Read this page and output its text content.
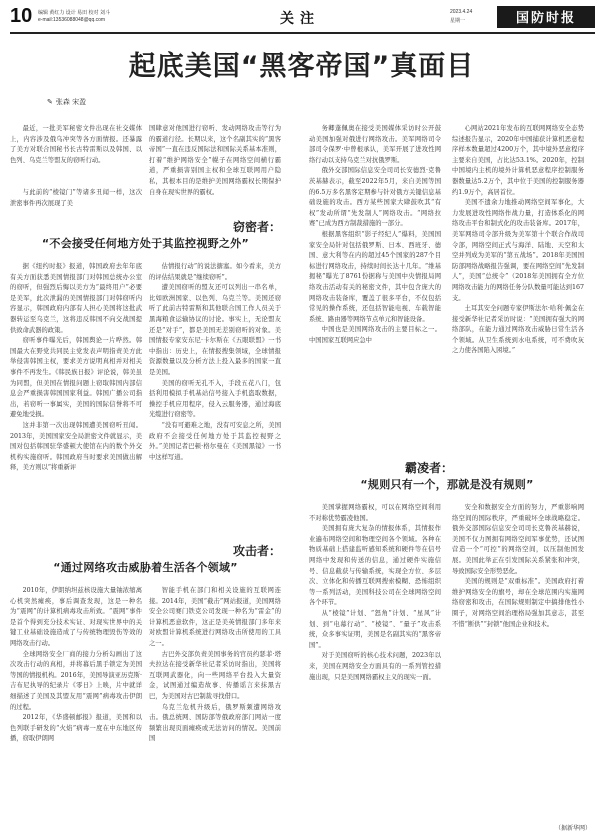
10 编辑 黄红力 设计 易田 校对 刘斗
e-mail:13536088048@qq.com	关注	2023.4.24
星期一	国防时报
起底美国“黑客帝国”真面目
✎ 张森 宋盈

最近，一批美军秘密文件出现在社交媒体上，内容涉及俄乌冲突等各方面情报。还暴露了美方对联合国秘书长古特雷斯以及韩国、以色列、乌克兰等盟友的窃听行动。

与此前的“棱镜门”等诸多丑闻一样，这次泄密事件再次展现了美

窃密者：
“不会接受任何地方处于其监控视野之外”

据《纽约时报》报道，韩国政府去年年底有关方面获悉美国情报部门对韩国总统办公室的窃听，但强烈后悔以美方为“最终用户”必要是美军，此次泄漏的美国情报部门对韩窃听内容显示，韩国政府内部有人担心美国将这批武器转运至乌克兰，这将违反韩国不向交战国提供致命武器的政策。

窃听事件曝光后，韩国舆论一片哗然。韩国最大在野党共同民主党发表声明指责美方此举侵害韩国主权，要求美方说明真相并对相关事件不再发生。《韩民族日报》评论说，韩美虽为同盟，但美国在情报问题上窃取韩国内部信息会严重损害韩国国家利益。韩国广播公司指出，若窃听一事属实，美国的国际信誉将不可避免地受损。

这并非第一次出现韩国遭美国窃听丑闻。2013年，美国国家安全局泄密文件就显示，美国对包括韩国驻华盛顿大使馆在内的数个外交机构实施窃听。韩国政府当时要求美国做出解释，美方则以“将重新评

国肆意对他国进行窃听、发动网络攻击等行为的霸道行径。长期以来，这个名副其实的“黑客帝国”一直在违反国际法和国际关系基本准则，打着“维护网络安全”幌子在网络空间横行霸道，严重损害别国主权和全球互联网用户隐私，其根本目的是维护美国网络霸权长期保护自身在现实世界的霸权。

估情报行动”的说法搪塞。如今看来，美方的评估结果就是“继续窃听”。

遭美国窃听的盟友还可以列出一串名单，比如欧洲国家、以色列、乌克兰等。美国还窃听了此前古特雷斯和其他联合国工作人员关于黑海粮食运输协议的讨论。事实上，无论盟友还是“对手”，都是美国无差别窃听的对象。美国情报专家安东尼·卡尔斯在《五眼联盟》一书中指出：历史上，在情报搜集领域，全球情报资源数量以及分析方法上投入最多的国家一直是美国。

美国的窃听无孔不入，手段五花八门，包括利用模拟手机基站信号接入手机盗取数据，操控手机应用程序，侵入云服务器，通过海底光缆进行窃密等。

“没有可避难之地，没有可安息之所，美国政府不会接受任何地方处于其监控视野之外。”美国记者巴顿·格尔曼在《美国黑镜》一书中这样写道。

攻击者：
“通过网络攻击威胁着生活各个领域”

2010年，伊朗纳坦兹核设施大量铀浓缩离心机突然瘫痪，事后调查发现，这是一种名为“震网”的计算机病毒攻击所致。“震网”事件是首个得到充分技术实证、对现实世界中的关键工业基础设施造成了与传统物理毁伤等效的网络攻击行动。

全球网络安全厂商的接力分析勾画出了这次攻击行动的真相，并将幕后黑手锁定为美国等国的情报机构。2016年，美国导演亚历克斯·吉布尼执导的纪录片《零日》上映，片中就详细描述了美国及其盟友用“震网”病毒攻击伊朗的过程。

2012年，《华盛顿邮报》报道，美国和以色列联手研发的“火焰”病毒一度在中东地区传播，窃取伊朗网

智能手机在部门和相关设施的互联网连接。2014年，美国“截击”网站报道，美国网络安全公司赛门铁克公司发现一种名为“雷金”的计算机恶意软件，这正是美英情报部门多年来对欧盟计算机系统进行网络攻击所使用的工具之一。

古巴外交部负责美国事务的官员约瑟菲·塔夫拉达在接受新华社记者采访时指出，美国将互联网武器化，向一些网络平台投入大量资金，试图通过编造故事、传播谣言来抹黑古巴，为美国对古巴制裁寻找借口。

乌克兰危机升级后，俄罗斯频遭网络攻击。俄总统网、国防部等俄政府部门网站一度频繁出现页面瘫痪或无法访问的情况。美国前国

务卿蓬佩奥在接受美国媒体采访时公开鼓动美国加强对俄进行网络攻击。美军网络司令部司令保罗·中曾根承认，美军开展了进攻性网络行动以支持乌克兰对抗俄罗斯。

俄外交部国际信息安全司司长安德烈·克鲁茨基赫表示，截至2022年5月，来自美国等国的6.5万多名黑客定期参与针对俄方关键信息基础设施的攻击。西方某些国家大肆鼓吹其“有权”发动所谓“先发制人”网络攻击。“网络拉赛”已成为西方制裁措施的一部分。

根据黑客组织“影子经纪人”爆料，美国国家安全局针对包括俄罗斯、日本、西班牙、德国、意大利等在内的超过45个国家的287个目标进行网络攻击，持续时间长达十几年。“维基揭秘”曝光了8761份据称与美国中央情报局网络攻击活动有关的秘密文件，其中包含庞大的网络攻击装备库，覆盖了很多平台，不仅包括常见的操作系统，还包括智能电视、车载智能系统、路由器等网络节点单元和智能设备。

中国也是美国网络攻击的主要目标之一。中国国家互联网应急中

心网站2021年发布的互联网网络安全态势综述报告显示，2020年中国捕获计算机恶意程序样本数量超过4200万个，其中境外恶意程序主要来自美国，占比达53.1%。2020年，控制中国境内主机的境外计算机恶意程序控制服务器数量达5.2万个，其中位于美国的控制服务器约1.9万个，高居首位。

美国不遗余力地推动网络空间军事化，大力发展进攻性网络作战力量，打造体系化的网络攻击平台和制式化的攻击装备库。2017年，美军网络司令部升级为美军第十个联合作战司令部，网络空间正式与海洋、陆地、天空和太空并列成为美军的“第五战场”。2018年美国国防部网络战略报告强调，要在网络空间“先发制人”，美国“总统令”（2018年美国拥有全方位网络攻击能力的网络任务分队数量可能达到167支。

土耳其安全问题专家伊斯法尔·哈利·佩金在接受新华社记者采访时说：“美国拥有强大的网络部队，在能力通过网络攻击威胁日常生活各个领域。从卫生系统到水电系统，可不费吹灰之力使各国陷入困境。”

霸凌者：
“规则只有一个，那就是没有规则”

美国掌握网络霸权，可以在网络空间利用不对称优势霸凌他国。

美国拥有庞大复杂的情报体系，其情报作业遍布网络空间和物理空间各个领域。各种在物质基础上搭建监听感知系统和硬件等在信号网络中发现和传送的信息，通过硬件实施信号、信息截获与传输系统，实现全方位、多层次、立体化和传播互联网搜索模糊、恐怖组织等一系列活动，美国科技公司在全球网络空间各个环节。

从“棱镜”计划、“怒角”计划、“星风”计划、到“电幕行动”、“棱镜”、“量子”攻击系统，众多事实证明，美国是名副其实的“黑客帝国”。

对于美国窃听的核心技术问题，2023年以来，美国在网络安全方面具有的一系列管控措施出现，只是美国网络霸权主义的现实一面。

安全和数据安全方面的努力，严重影响网络空间的国际秩序，严重破坏全球战略稳定。俄外交部国际信息安全司司长克鲁茨基赫说，美国不仅力图拥有网络空间军事优势，还试图营造一个“可控”的网络空间，以压制他国发展。美国此举正在引发国际关系紧张和冲突，导致国际安全形势恶化。

美国的规则是“双重标准”。美国政府打着维护网络安全的旗号，却在全球范围内实施网络窃密和攻击，在国际规则制定中搞排他性小圈子，对网络空间治理格局强加其意志，甚至不惜“断供”“封锁”他国企业和技术。

（据新华网）
